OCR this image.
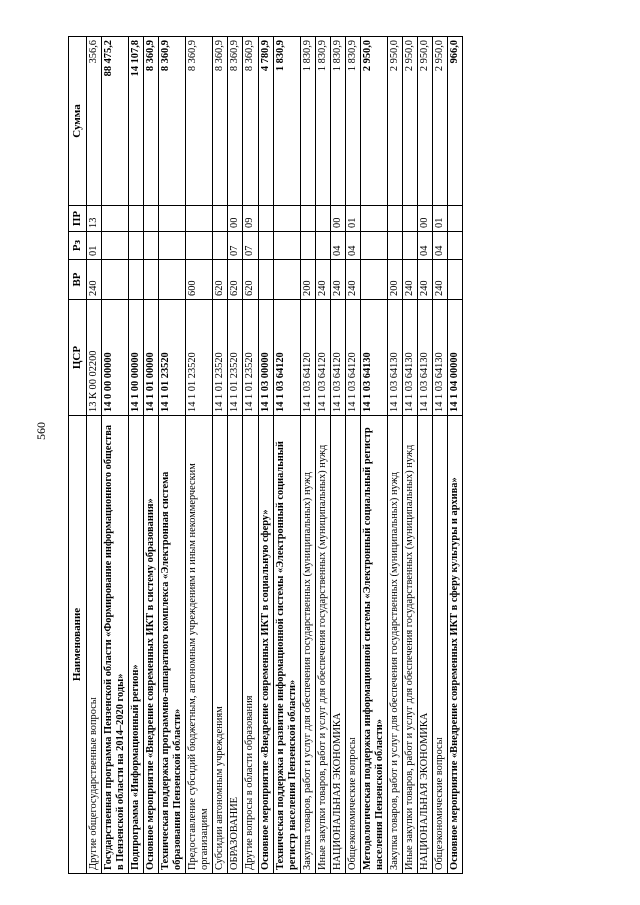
560
Наименование	ЦСР	ВР	Рз	ПР	Сумма
Другие общегосударственные вопросы	13 К 00 02200	240	01	13	356,6
Государственная программа Пензенской области «Формирование информационного общества в Пензенской области на 2014–2020 годы»	14 0 00 00000				88 475,2
Подпрограмма «Информационный регион»	14 1 00 00000				14 107,8
Основное мероприятие «Внедрение современных ИКТ в систему образования»	14 1 01 00000				8 360,9
Техническая поддержка программно-аппаратного комплекса «Электронная система образования Пензенской области»	14 1 01 23520				8 360,9
Предоставление субсидий бюджетным, автономным учреждениям и иным некоммерческим организациям	14 1 01 23520	600			8 360,9
Субсидии автономным учреждениям	14 1 01 23520	620			8 360,9
ОБРАЗОВАНИЕ	14 1 01 23520	620	07	00	8 360,9
Другие вопросы в области образования	14 1 01 23520	620	07	09	8 360,9
Основное мероприятие «Внедрение современных ИКТ в социальную сферу»	14 1 03 00000				4 780,9
Техническая поддержка и развитие информационной системы «Электронный социальный регистр населения Пензенской области»	14 1 03 64120				1 830,9
Закупка товаров, работ и услуг для обеспечения государственных (муниципальных) нужд	14 1 03 64120	200			1 830,9
Иные закупки товаров, работ и услуг для обеспечения государственных (муниципальных) нужд	14 1 03 64120	240			1 830,9
НАЦИОНАЛЬНАЯ ЭКОНОМИКА	14 1 03 64120	240	04	00	1 830,9
Общеэкономические вопросы	14 1 03 64120	240	04	01	1 830,9
Методологическая поддержка информационной системы «Электронный социальный регистр населения Пензенской области»	14 1 03 64130				2 950,0
Закупка товаров, работ и услуг для обеспечения государственных (муниципальных) нужд	14 1 03 64130	200			2 950,0
Иные закупки товаров, работ и услуг для обеспечения государственных (муниципальных) нужд	14 1 03 64130	240			2 950,0
НАЦИОНАЛЬНАЯ ЭКОНОМИКА	14 1 03 64130	240	04	00	2 950,0
Общеэкономические вопросы	14 1 03 64130	240	04	01	2 950,0
Основное мероприятие «Внедрение современных ИКТ в сферу культуры и архива»	14 1 04 00000				966,0
